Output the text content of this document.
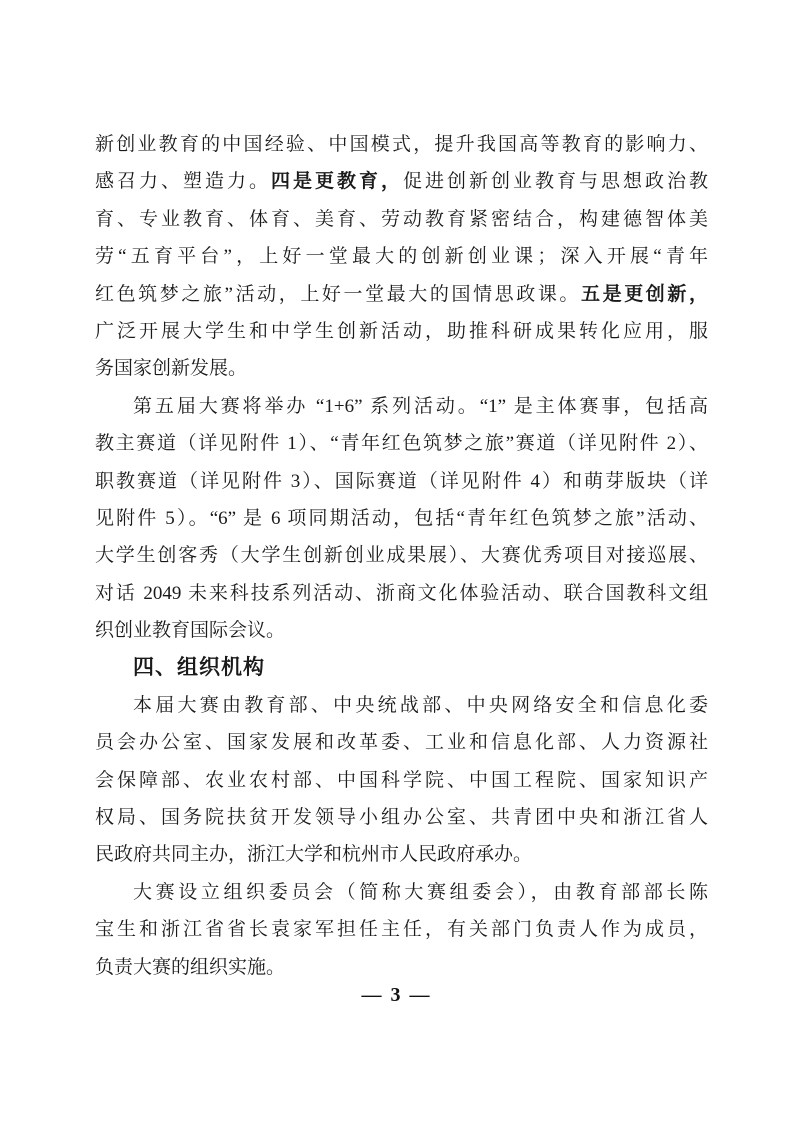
新创业教育的中国经验、中国模式，提升我国高等教育的影响力、
感召力、塑造力。四是更教育，促进创新创业教育与思想政治教
育、专业教育、体育、美育、劳动教育紧密结合，构建德智体美
劳“五育平台”，上好一堂最大的创新创业课；深入开展“青年
红色筑梦之旅”活动，上好一堂最大的国情思政课。五是更创新，
广泛开展大学生和中学生创新活动，助推科研成果转化应用，服
务国家创新发展。
第五届大赛将举办 “1+6” 系列活动。“1” 是主体赛事，包括高
教主赛道（详见附件 1）、“青年红色筑梦之旅”赛道（详见附件 2）、
职教赛道（详见附件 3）、国际赛道（详见附件 4）和萌芽版块（详
见附件 5）。“6” 是 6 项同期活动，包括“青年红色筑梦之旅”活动、
大学生创客秀（大学生创新创业成果展）、大赛优秀项目对接巡展、
对话 2049 未来科技系列活动、浙商文化体验活动、联合国教科文组
织创业教育国际会议。
四、组织机构
本届大赛由教育部、中央统战部、中央网络安全和信息化委
员会办公室、国家发展和改革委、工业和信息化部、人力资源社
会保障部、农业农村部、中国科学院、中国工程院、国家知识产
权局、国务院扶贫开发领导小组办公室、共青团中央和浙江省人
民政府共同主办，浙江大学和杭州市人民政府承办。
大赛设立组织委员会（简称大赛组委会），由教育部部长陈
宝生和浙江省省长袁家军担任主任，有关部门负责人作为成员，
负责大赛的组织实施。
— 3 —
